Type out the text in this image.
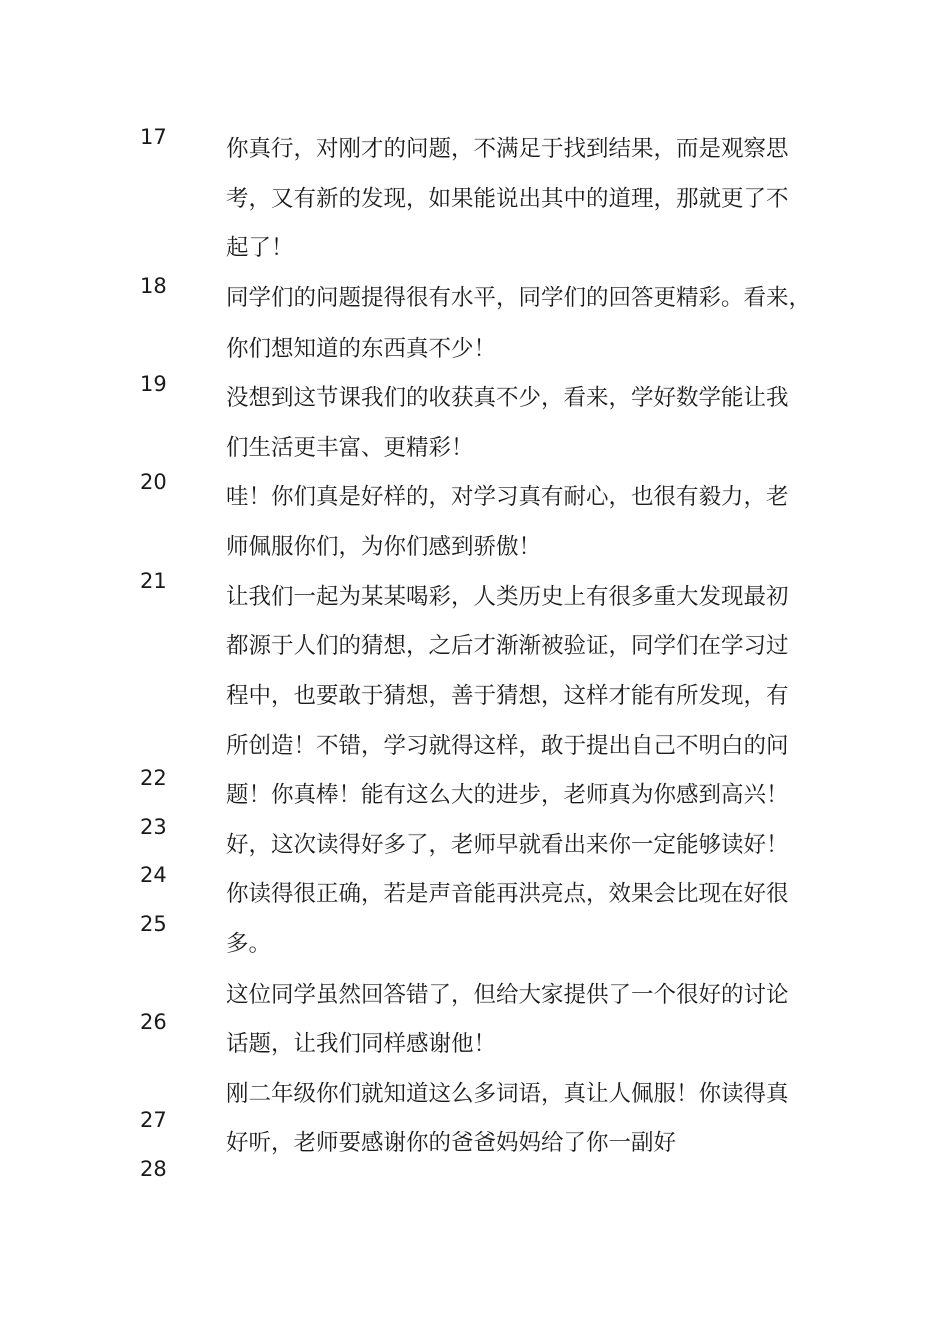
17
18
19
20
21
22
23
24
25
26
27
28
你真行，对刚才的问题，不满足于找到结果，而是观察思
考，又有新的发现，如果能说出其中的道理，那就更了不
起了！
同学们的问题提得很有水平，同学们的回答更精彩。看来，
你们想知道的东西真不少！
没想到这节课我们的收获真不少，看来，学好数学能让我
们生活更丰富、更精彩！
哇！你们真是好样的，对学习真有耐心，也很有毅力，老
师佩服你们，为你们感到骄傲！
让我们一起为某某喝彩，人类历史上有很多重大发现最初
都源于人们的猜想，之后才渐渐被验证，同学们在学习过
程中，也要敢于猜想，善于猜想，这样才能有所发现，有
所创造！不错，学习就得这样，敢于提出自己不明白的问
题！你真棒！能有这么大的进步，老师真为你感到高兴！
好，这次读得好多了，老师早就看出来你一定能够读好！
你读得很正确，若是声音能再洪亮点，效果会比现在好很
多。
这位同学虽然回答错了，但给大家提供了一个很好的讨论
话题，让我们同样感谢他！
刚二年级你们就知道这么多词语，真让人佩服！你读得真
好听，老师要感谢你的爸爸妈妈给了你一副好
